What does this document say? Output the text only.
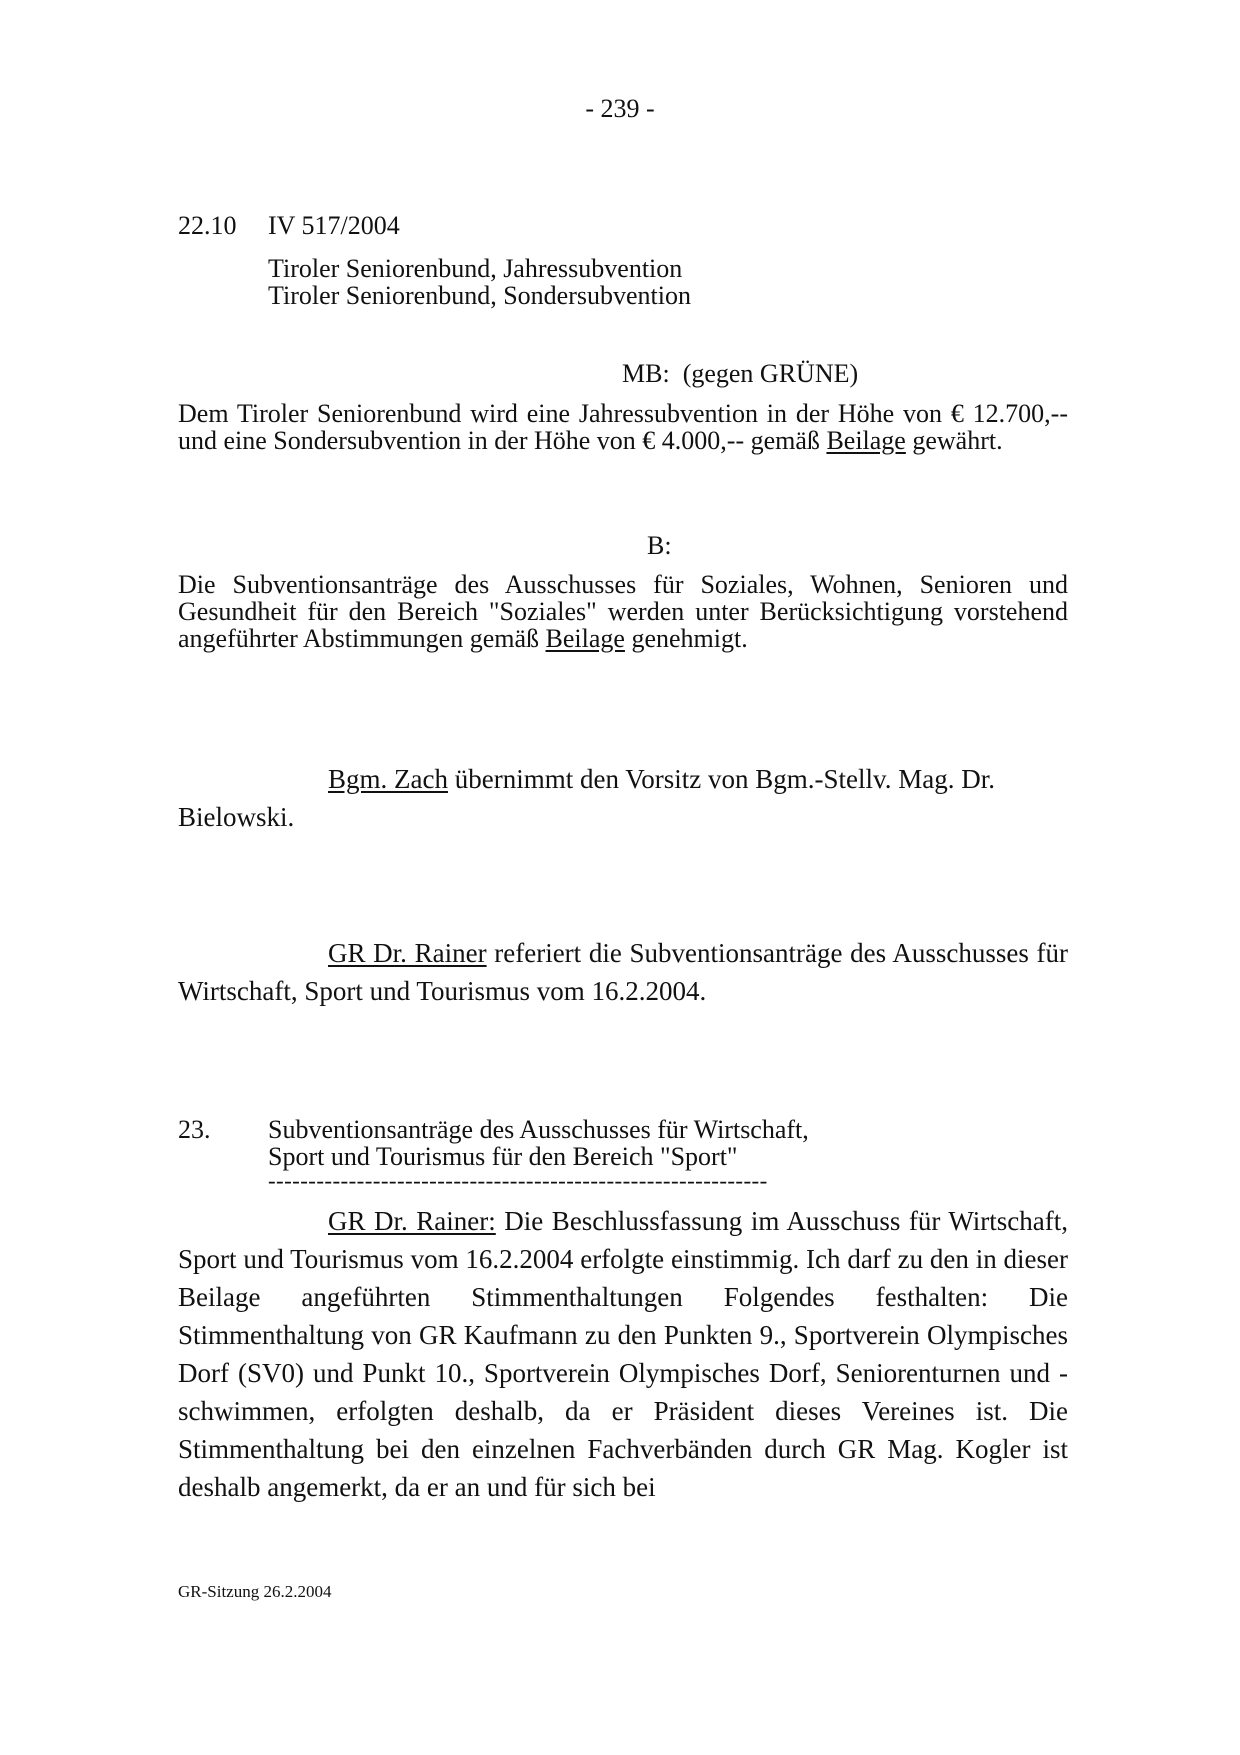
- 239 -
22.10 IV 517/2004
Tiroler Seniorenbund, Jahressubvention
Tiroler Seniorenbund, Sondersubvention
MB: (gegen GRÜNE)
Dem Tiroler Seniorenbund wird eine Jahressubvention in der Höhe von € 12.700,-- und eine Sondersubvention in der Höhe von € 4.000,-- gemäß Beilage gewährt.
B:
Die Subventionsanträge des Ausschusses für Soziales, Wohnen, Senioren und Gesundheit für den Bereich "Soziales" werden unter Berücksichtigung vorstehend angeführter Abstimmungen gemäß Beilage genehmigt.
Bgm. Zach übernimmt den Vorsitz von Bgm.-Stellv. Mag. Dr. Bielowski.
GR Dr. Rainer referiert die Subventionsanträge des Ausschusses für Wirtschaft, Sport und Tourismus vom 16.2.2004.
23. Subventionsanträge des Ausschusses für Wirtschaft,
Sport und Tourismus für den Bereich "Sport"
--------------------------------------------------------------
GR Dr. Rainer: Die Beschlussfassung im Ausschuss für Wirtschaft, Sport und Tourismus vom 16.2.2004 erfolgte einstimmig. Ich darf zu den in dieser Beilage angeführten Stimmenthaltungen Folgendes festhalten: Die Stimmenthaltung von GR Kaufmann zu den Punkten 9., Sportverein Olympisches Dorf (SV0) und Punkt 10., Sportverein Olympisches Dorf, Seniorenturnen und -schwimmen, erfolgten deshalb, da er Präsident dieses Vereines ist. Die Stimmenthaltung bei den einzelnen Fachverbänden durch GR Mag. Kogler ist deshalb angemerkt, da er an und für sich bei
GR-Sitzung 26.2.2004
